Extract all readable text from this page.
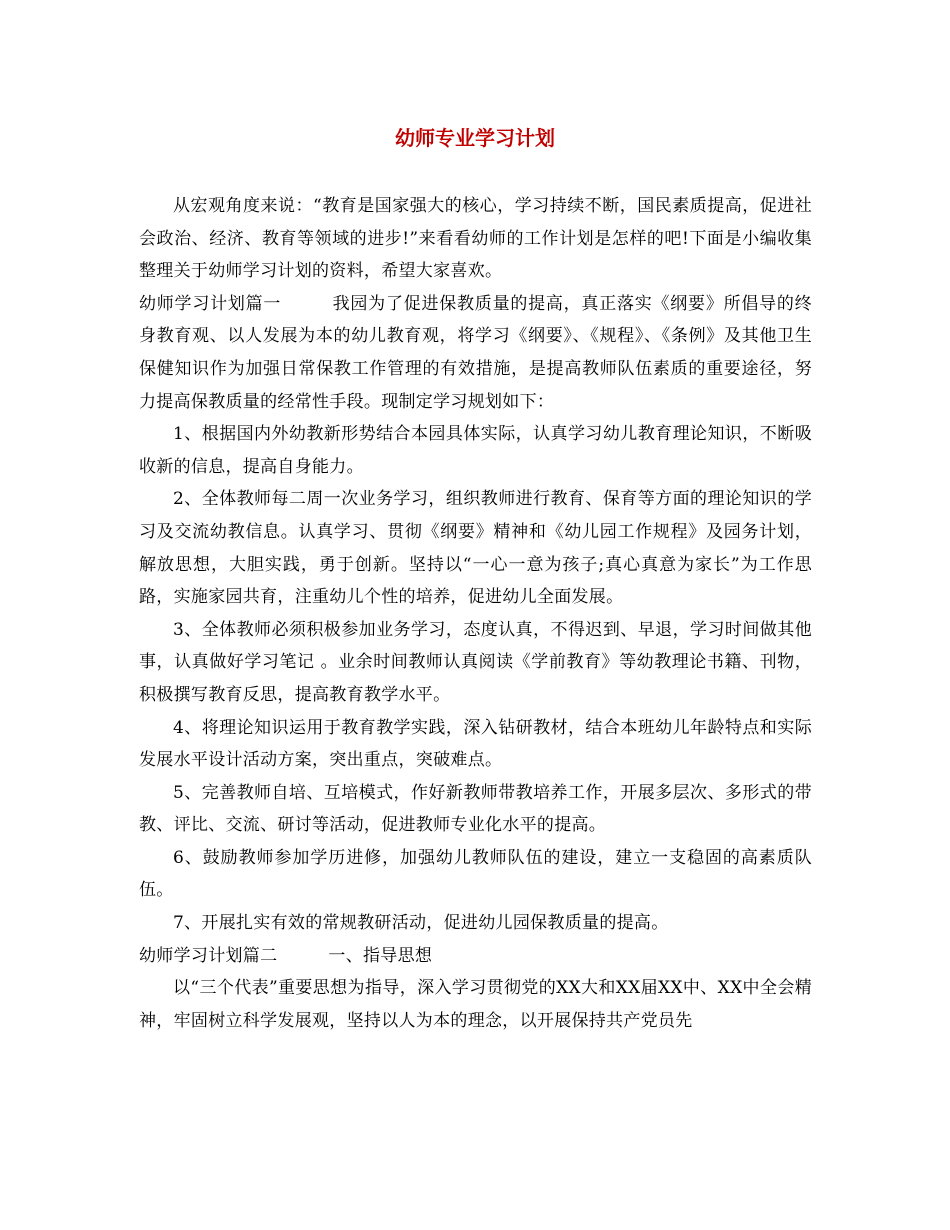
幼师专业学习计划

从宏观角度来说：“教育是国家强大的核心，学习持续不断，国民素质提高，促进社会政治、经济、教育等领域的进步!”来看看幼师的工作计划是怎样的吧!下面是小编收集整理关于幼师学习计划的资料，希望大家喜欢。

幼师学习计划篇一	我园为了促进保教质量的提高，真正落实《纲要》所倡导的终身教育观、以人发展为本的幼儿教育观，将学习《纲要》、《规程》、《条例》及其他卫生保健知识作为加强日常保教工作管理的有效措施，是提高教师队伍素质的重要途径，努力提高保教质量的经常性手段。现制定学习规划如下：

1、根据国内外幼教新形势结合本园具体实际，认真学习幼儿教育理论知识，不断吸收新的信息，提高自身能力。

2、全体教师每二周一次业务学习，组织教师进行教育、保育等方面的理论知识的学习及交流幼教信息。认真学习、贯彻《纲要》精神和《幼儿园工作规程》及园务计划，解放思想，大胆实践，勇于创新。坚持以“一心一意为孩子;真心真意为家长”为工作思路，实施家园共育，注重幼儿个性的培养，促进幼儿全面发展。

3、全体教师必须积极参加业务学习，态度认真，不得迟到、早退，学习时间做其他事，认真做好学习笔记 。业余时间教师认真阅读《学前教育》等幼教理论书籍、刊物，积极撰写教育反思，提高教育教学水平。

4、将理论知识运用于教育教学实践，深入钻研教材，结合本班幼儿年龄特点和实际发展水平设计活动方案，突出重点，突破难点。

5、完善教师自培、互培模式，作好新教师带教培养工作，开展多层次、多形式的带教、评比、交流、研讨等活动，促进教师专业化水平的提高。

6、鼓励教师参加学历进修，加强幼儿教师队伍的建设，建立一支稳固的高素质队伍。

7、开展扎实有效的常规教研活动，促进幼儿园保教质量的提高。

幼师学习计划篇二	一、指导思想

以“三个代表”重要思想为指导，深入学习贯彻党的XX大和XX届XX中、XX中全会精神，牢固树立科学发展观，坚持以人为本的理念，以开展保持共产党员先
